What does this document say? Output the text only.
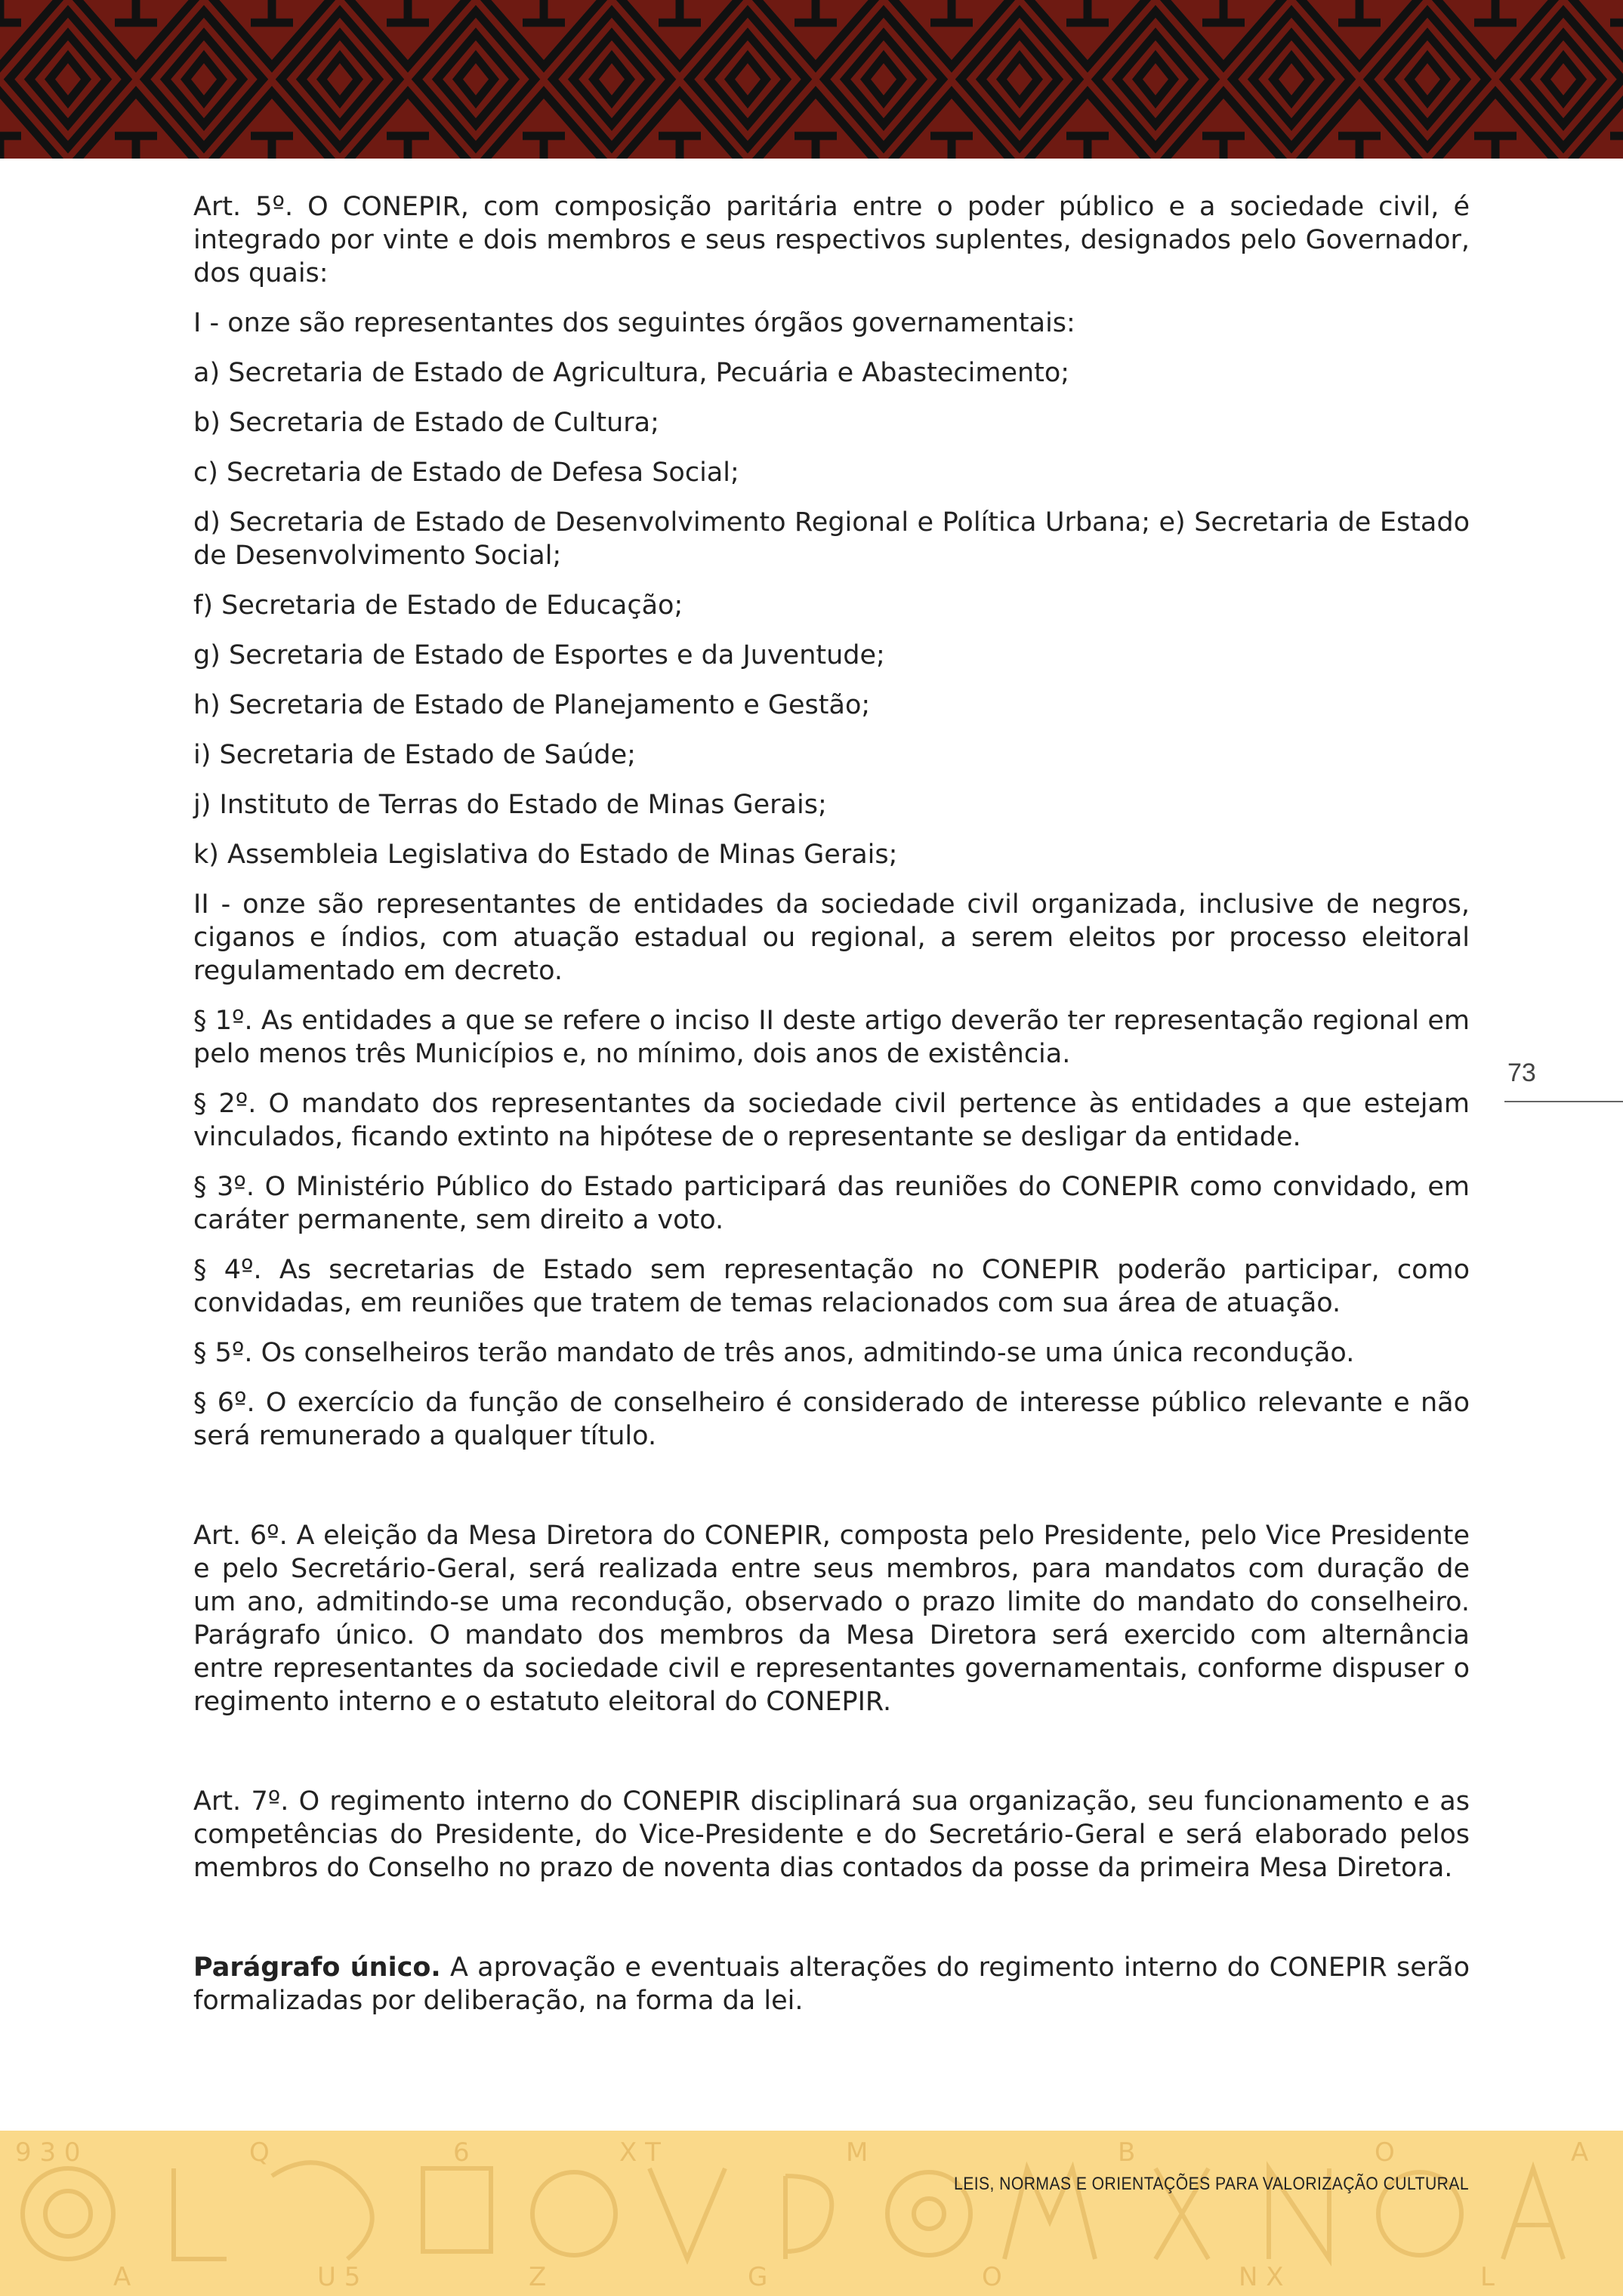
Art. 5º. O CONEPIR, com composição paritária entre o poder público e a sociedade civil, é integrado por vinte e dois membros e seus respectivos suplentes, designados pelo Governador, dos quais:

I - onze são representantes dos seguintes órgãos governamentais:

a) Secretaria de Estado de Agricultura, Pecuária e Abastecimento;

b) Secretaria de Estado de Cultura;

c) Secretaria de Estado de Defesa Social;

d) Secretaria de Estado de Desenvolvimento Regional e Política Urbana; e) Secretaria de Estado de Desenvolvimento Social;

f) Secretaria de Estado de Educação;

g) Secretaria de Estado de Esportes e da Juventude;

h) Secretaria de Estado de Planejamento e Gestão;

i) Secretaria de Estado de Saúde;

j) Instituto de Terras do Estado de Minas Gerais;

k) Assembleia Legislativa do Estado de Minas Gerais;

II - onze são representantes de entidades da sociedade civil organizada, inclusive de negros, ciganos e índios, com atuação estadual ou regional, a serem eleitos por processo eleitoral regulamentado em decreto.

§ 1º. As entidades a que se refere o inciso II deste artigo deverão ter representação regional em pelo menos três Municípios e, no mínimo, dois anos de existência.

§ 2º. O mandato dos representantes da sociedade civil pertence às entidades a que estejam vinculados, ficando extinto na hipótese de o representante se desligar da entidade.

§ 3º. O Ministério Público do Estado participará das reuniões do CONEPIR como convidado, em caráter permanente, sem direito a voto.

§ 4º. As secretarias de Estado sem representação no CONEPIR poderão participar, como convidadas, em reuniões que tratem de temas relacionados com sua área de atuação.

§ 5º. Os conselheiros terão mandato de três anos, admitindo-se uma única recondução.

§ 6º. O exercício da função de conselheiro é considerado de interesse público relevante e não será remunerado a qualquer título.

Art. 6º. A eleição da Mesa Diretora do CONEPIR, composta pelo Presidente, pelo Vice Presidente e pelo Secretário-Geral, será realizada entre seus membros, para mandatos com duração de um ano, admitindo-se uma recondução, observado o prazo limite do mandato do conselheiro. Parágrafo único. O mandato dos membros da Mesa Diretora será exercido com alternância entre representantes da sociedade civil e representantes governamentais, conforme dispuser o regimento interno e o estatuto eleitoral do CONEPIR.

Art. 7º. O regimento interno do CONEPIR disciplinará sua organização, seu funcionamento e as competências do Presidente, do Vice-Presidente e do Secretário-Geral e será elaborado pelos membros do Conselho no prazo de noventa dias contados da posse da primeira Mesa Diretora.

Parágrafo único. A aprovação e eventuais alterações do regimento interno do CONEPIR serão formalizadas por deliberação, na forma da lei.

73
9 3 0
A
Q
U 5
6
Z
X T
G
M
O
B
N X
O
L
A
LEIS, NORMAS E ORIENTAÇÕES PARA VALORIZAÇÃO CULTURAL
